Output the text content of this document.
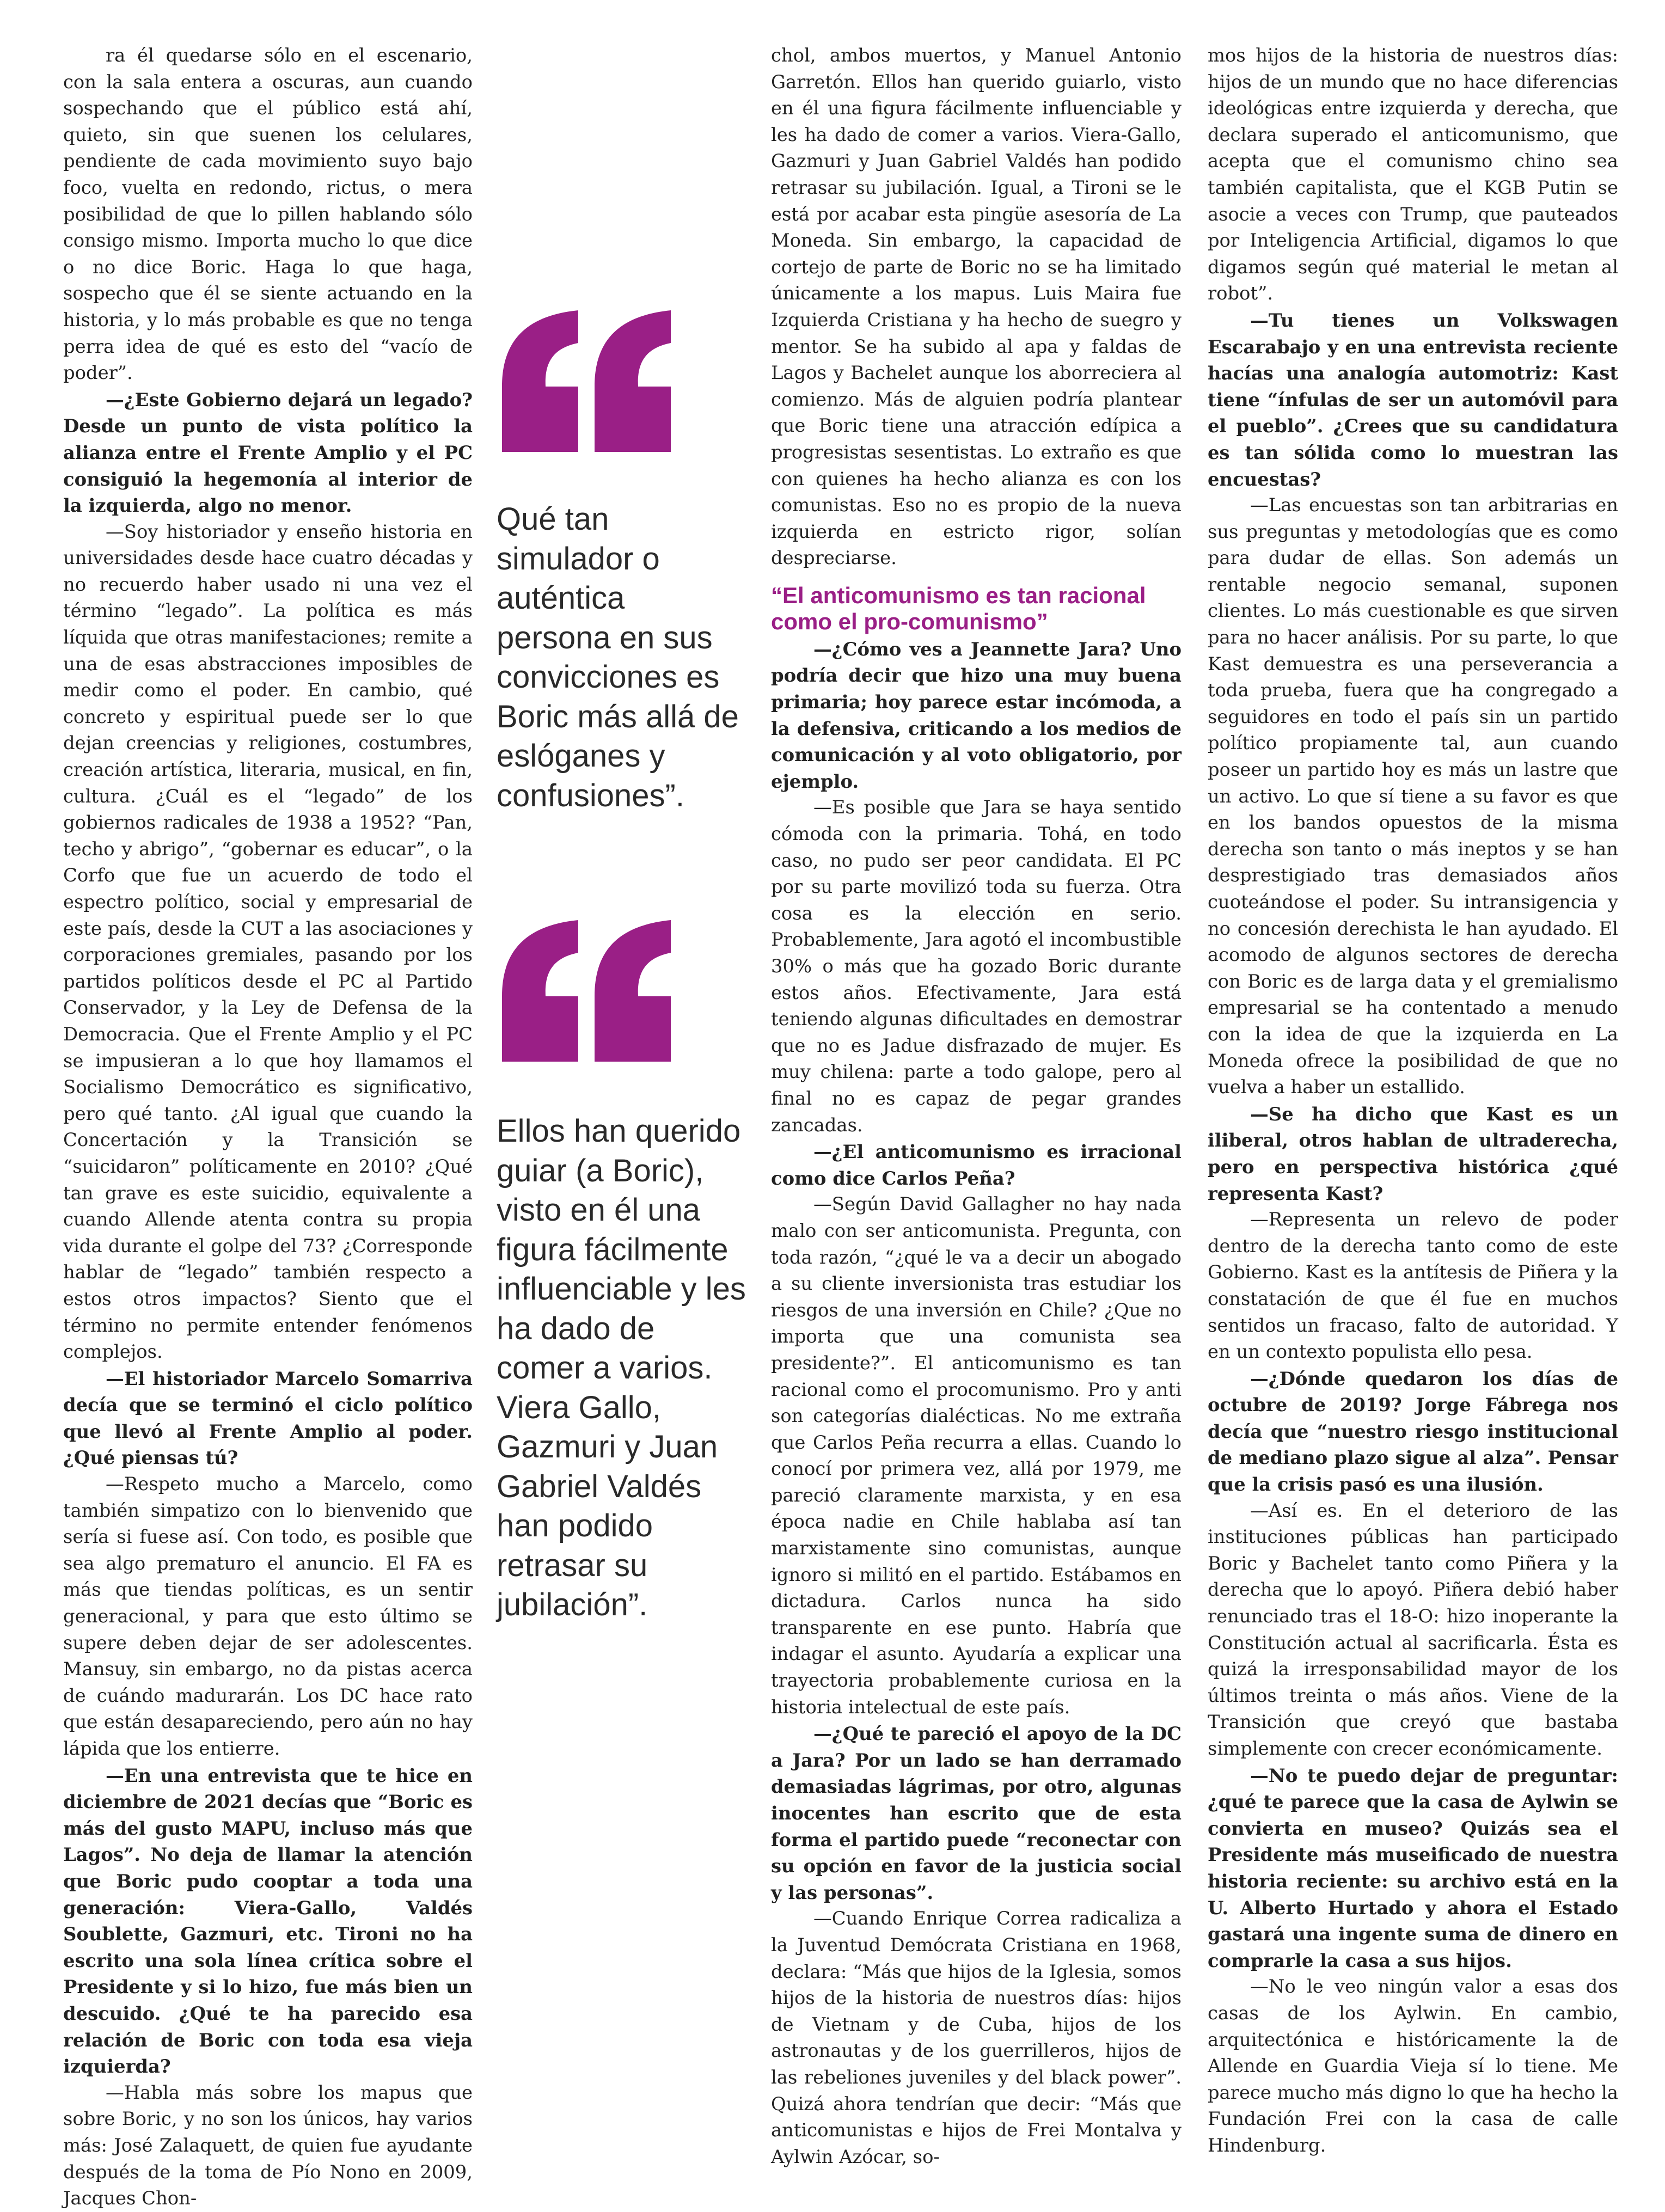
ra él quedarse sólo en el escenario, con la sala entera a oscuras, aun cuando sospechando que el público está ahí, quieto, sin que suenen los celulares, pendiente de cada movimiento suyo bajo foco, vuelta en redondo, rictus, o mera posibilidad de que lo pillen hablando sólo consigo mismo. Importa mucho lo que dice o no dice Boric. Haga lo que haga, sospecho que él se siente actuando en la historia, y lo más probable es que no tenga perra idea de qué es esto del “vacío de poder”.

—¿Este Gobierno dejará un legado? Desde un punto de vista político la alianza entre el Frente Amplio y el PC consiguió la hegemonía al interior de la izquierda, algo no menor.

—Soy historiador y enseño historia en universidades desde hace cuatro décadas y no recuerdo haber usado ni una vez el término “legado”. La política es más líquida que otras manifestaciones; remite a una de esas abstracciones imposibles de medir como el poder. En cambio, qué concreto y espiritual puede ser lo que dejan creencias y religiones, costumbres, creación artística, literaria, musical, en fin, cultura. ¿Cuál es el “legado” de los gobiernos radicales de 1938 a 1952? “Pan, techo y abrigo”, “gobernar es educar”, o la Corfo que fue un acuerdo de todo el espectro político, social y empresarial de este país, desde la CUT a las asociaciones y corporaciones gremiales, pasando por los partidos políticos desde el PC al Partido Conservador, y la Ley de Defensa de la Democracia. Que el Frente Amplio y el PC se impusieran a lo que hoy llamamos el Socialismo Democrático es significativo, pero qué tanto. ¿Al igual que cuando la Concertación y la Transición se “suicidaron” políticamente en 2010? ¿Qué tan grave es este suicidio, equivalente a cuando Allende atenta contra su propia vida durante el golpe del 73? ¿Corresponde hablar de “legado” también respecto a estos otros impactos? Siento que el término no permite entender fenómenos complejos.

—El historiador Marcelo Somarriva decía que se terminó el ciclo político que llevó al Frente Amplio al poder. ¿Qué piensas tú?

—Respeto mucho a Marcelo, como también simpatizo con lo bienvenido que sería si fuese así. Con todo, es posible que sea algo prematuro el anuncio. El FA es más que tiendas políticas, es un sentir generacional, y para que esto último se supere deben dejar de ser adolescentes. Mansuy, sin embargo, no da pistas acerca de cuándo madurarán. Los DC hace rato que están desapareciendo, pero aún no hay lápida que los entierre.

—En una entrevista que te hice en diciembre de 2021 decías que “Boric es más del gusto MAPU, incluso más que Lagos”. No deja de llamar la atención que Boric pudo cooptar a toda una generación: Viera-Gallo, Valdés Soublette, Gazmuri, etc. Tironi no ha escrito una sola línea crítica sobre el Presidente y si lo hizo, fue más bien un descuido. ¿Qué te ha parecido esa relación de Boric con toda esa vieja izquierda?

—Habla más sobre los mapus que sobre Boric, y no son los únicos, hay varios más: José Zalaquett, de quien fue ayudante después de la toma de Pío Nono en 2009, Jacques Chon-

Qué tan simulador o auténtica persona en sus convicciones es Boric más allá de eslóganes y confusiones”.
Ellos han querido guiar (a Boric), visto en él una figura fácilmente influenciable y les ha dado de comer a varios. Viera Gallo, Gazmuri y Juan Gabriel Valdés han podido retrasar su jubilación”.

chol, ambos muertos, y Manuel Antonio Garretón. Ellos han querido guiarlo, visto en él una figura fácilmente influenciable y les ha dado de comer a varios. Viera-Gallo, Gazmuri y Juan Gabriel Valdés han podido retrasar su jubilación. Igual, a Tironi se le está por acabar esta pingüe asesoría de La Moneda. Sin embargo, la capacidad de cortejo de parte de Boric no se ha limitado únicamente a los mapus. Luis Maira fue Izquierda Cristiana y ha hecho de suegro y mentor. Se ha subido al apa y faldas de Lagos y Bachelet aunque los aborreciera al comienzo. Más de alguien podría plantear que Boric tiene una atracción edípica a progresistas sesentistas. Lo extraño es que con quienes ha hecho alianza es con los comunistas. Eso no es propio de la nueva izquierda en estricto rigor, solían despreciarse.

“El anticomunismo es tan racional como el pro-comunismo”

—¿Cómo ves a Jeannette Jara? Uno podría decir que hizo una muy buena primaria; hoy parece estar incómoda, a la defensiva, criticando a los medios de comunicación y al voto obligatorio, por ejemplo.

—Es posible que Jara se haya sentido cómoda con la primaria. Tohá, en todo caso, no pudo ser peor candidata. El PC por su parte movilizó toda su fuerza. Otra cosa es la elección en serio. Probablemente, Jara agotó el incombustible 30% o más que ha gozado Boric durante estos años. Efectivamente, Jara está teniendo algunas dificultades en demostrar que no es Jadue disfrazado de mujer. Es muy chilena: parte a todo galope, pero al final no es capaz de pegar grandes zancadas.

—¿El anticomunismo es irracional como dice Carlos Peña?

—Según David Gallagher no hay nada malo con ser anticomunista. Pregunta, con toda razón, “¿qué le va a decir un abogado a su cliente inversionista tras estudiar los riesgos de una inversión en Chile? ¿Que no importa que una comunista sea presidente?”. El anticomunismo es tan racional como el procomunismo. Pro y anti son categorías dialécticas. No me extraña que Carlos Peña recurra a ellas. Cuando lo conocí por primera vez, allá por 1979, me pareció claramente marxista, y en esa época nadie en Chile hablaba así tan marxistamente sino comunistas, aunque ignoro si militó en el partido. Estábamos en dictadura. Carlos nunca ha sido transparente en ese punto. Habría que indagar el asunto. Ayudaría a explicar una trayectoria probablemente curiosa en la historia intelectual de este país.

—¿Qué te pareció el apoyo de la DC a Jara? Por un lado se han derramado demasiadas lágrimas, por otro, algunas inocentes han escrito que de esta forma el partido puede “reconectar con su opción en favor de la justicia social y las personas”.

—Cuando Enrique Correa radicaliza a la Juventud Demócrata Cristiana en 1968, declara: “Más que hijos de la Iglesia, somos hijos de la historia de nuestros días: hijos de Vietnam y de Cuba, hijos de los astronautas y de los guerrilleros, hijos de las rebeliones juveniles y del black power”. Quizá ahora tendrían que decir: “Más que anticomunistas e hijos de Frei Montalva y Aylwin Azócar, so-

mos hijos de la historia de nuestros días: hijos de un mundo que no hace diferencias ideológicas entre izquierda y derecha, que declara superado el anticomunismo, que acepta que el comunismo chino sea también capitalista, que el KGB Putin se asocie a veces con Trump, que pauteados por Inteligencia Artificial, digamos lo que digamos según qué material le metan al robot”.

—Tu tienes un Volkswagen Escarabajo y en una entrevista reciente hacías una analogía automotriz: Kast tiene “ínfulas de ser un automóvil para el pueblo”. ¿Crees que su candidatura es tan sólida como lo muestran las encuestas?

—Las encuestas son tan arbitrarias en sus preguntas y metodologías que es como para dudar de ellas. Son además un rentable negocio semanal, suponen clientes. Lo más cuestionable es que sirven para no hacer análisis. Por su parte, lo que Kast demuestra es una perseverancia a toda prueba, fuera que ha congregado a seguidores en todo el país sin un partido político propiamente tal, aun cuando poseer un partido hoy es más un lastre que un activo. Lo que sí tiene a su favor es que en los bandos opuestos de la misma derecha son tanto o más ineptos y se han desprestigiado tras demasiados años cuoteándose el poder. Su intransigencia y no concesión derechista le han ayudado. El acomodo de algunos sectores de derecha con Boric es de larga data y el gremialismo empresarial se ha contentado a menudo con la idea de que la izquierda en La Moneda ofrece la posibilidad de que no vuelva a haber un estallido.

—Se ha dicho que Kast es un iliberal, otros hablan de ultraderecha, pero en perspectiva histórica ¿qué representa Kast?

—Representa un relevo de poder dentro de la derecha tanto como de este Gobierno. Kast es la antítesis de Piñera y la constatación de que él fue en muchos sentidos un fracaso, falto de autoridad. Y en un contexto populista ello pesa.

—¿Dónde quedaron los días de octubre de 2019? Jorge Fábrega nos decía que “nuestro riesgo institucional de mediano plazo sigue al alza”. Pensar que la crisis pasó es una ilusión.

—Así es. En el deterioro de las instituciones públicas han participado Boric y Bachelet tanto como Piñera y la derecha que lo apoyó. Piñera debió haber renunciado tras el 18-O: hizo inoperante la Constitución actual al sacrificarla. Ésta es quizá la irresponsabilidad mayor de los últimos treinta o más años. Viene de la Transición que creyó que bastaba simplemente con crecer económicamente.

—No te puedo dejar de preguntar: ¿qué te parece que la casa de Aylwin se convierta en museo? Quizás sea el Presidente más museificado de nuestra historia reciente: su archivo está en la U. Alberto Hurtado y ahora el Estado gastará una ingente suma de dinero en comprarle la casa a sus hijos.

—No le veo ningún valor a esas dos casas de los Aylwin. En cambio, arquitectónica e históricamente la de Allende en Guardia Vieja sí lo tiene. Me parece mucho más digno lo que ha hecho la Fundación Frei con la casa de calle Hindenburg.
